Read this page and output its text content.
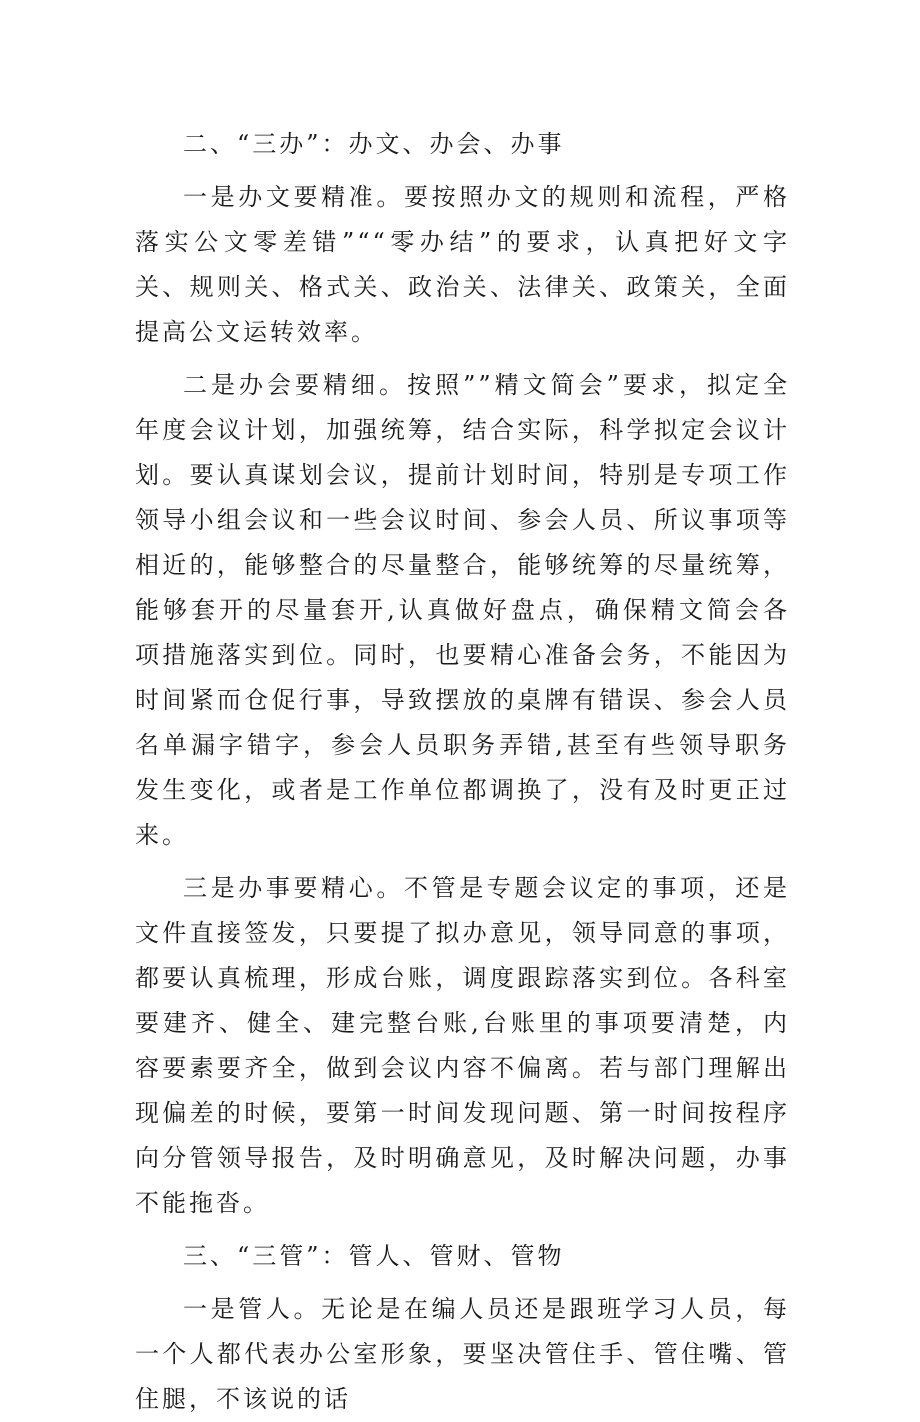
二、“三办”：办文、办会、办事

一是办文要精准。要按照办文的规则和流程，严格落实公文零差错”““零办结”的要求，认真把好文字关、规则关、格式关、政治关、法律关、政策关，全面提高公文运转效率。

二是办会要精细。按照””精文简会”要求，拟定全年度会议计划，加强统筹，结合实际，科学拟定会议计划。要认真谋划会议，提前计划时间，特别是专项工作领导小组会议和一些会议时间、参会人员、所议事项等相近的，能够整合的尽量整合，能够统筹的尽量统筹，能够套开的尽量套开,认真做好盘点，确保精文简会各项措施落实到位。同时，也要精心准备会务，不能因为时间紧而仓促行事，导致摆放的桌牌有错误、参会人员名单漏字错字，参会人员职务弄错,甚至有些领导职务发生变化，或者是工作单位都调换了，没有及时更正过来。

三是办事要精心。不管是专题会议定的事项，还是文件直接签发，只要提了拟办意见，领导同意的事项，都要认真梳理，形成台账，调度跟踪落实到位。各科室要建齐、健全、建完整台账,台账里的事项要清楚，内容要素要齐全，做到会议内容不偏离。若与部门理解出现偏差的时候，要第一时间发现问题、第一时间按程序向分管领导报告，及时明确意见，及时解决问题，办事不能拖沓。

三、“三管”：管人、管财、管物

一是管人。无论是在编人员还是跟班学习人员，每一个人都代表办公室形象，要坚决管住手、管住嘴、管住腿，不该说的话
